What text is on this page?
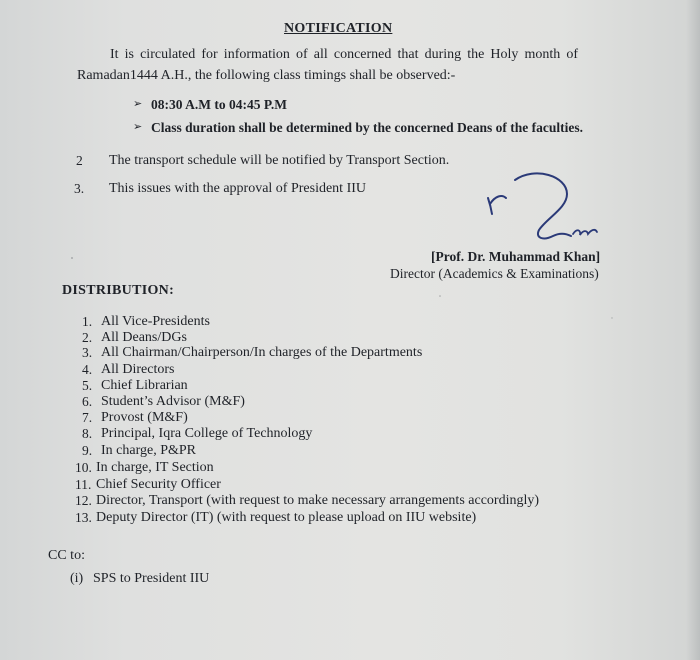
NOTIFICATION
It is circulated for information of all concerned that during the Holy month of
Ramadan1444 A.H., the following class timings shall be observed:-
➢ 08:30 A.M to 04:45 P.M
➢ Class duration shall be determined by the concerned Deans of the faculties.
2 The transport schedule will be notified by Transport Section.
3. This issues with the approval of President IIU
[Prof. Dr. Muhammad Khan]
Director (Academics & Examinations)
DISTRIBUTION:
1. All Vice-Presidents
2. All Deans/DGs
3. All Chairman/Chairperson/In charges of the Departments
4. All Directors
5. Chief Librarian
6. Student’s Advisor (M&F)
7. Provost (M&F)
8. Principal, Iqra College of Technology
9. In charge, P&PR
10. In charge, IT Section
11. Chief Security Officer
12. Director, Transport (with request to make necessary arrangements accordingly)
13. Deputy Director (IT) (with request to please upload on IIU website)
CC to:
(i) SPS to President IIU
